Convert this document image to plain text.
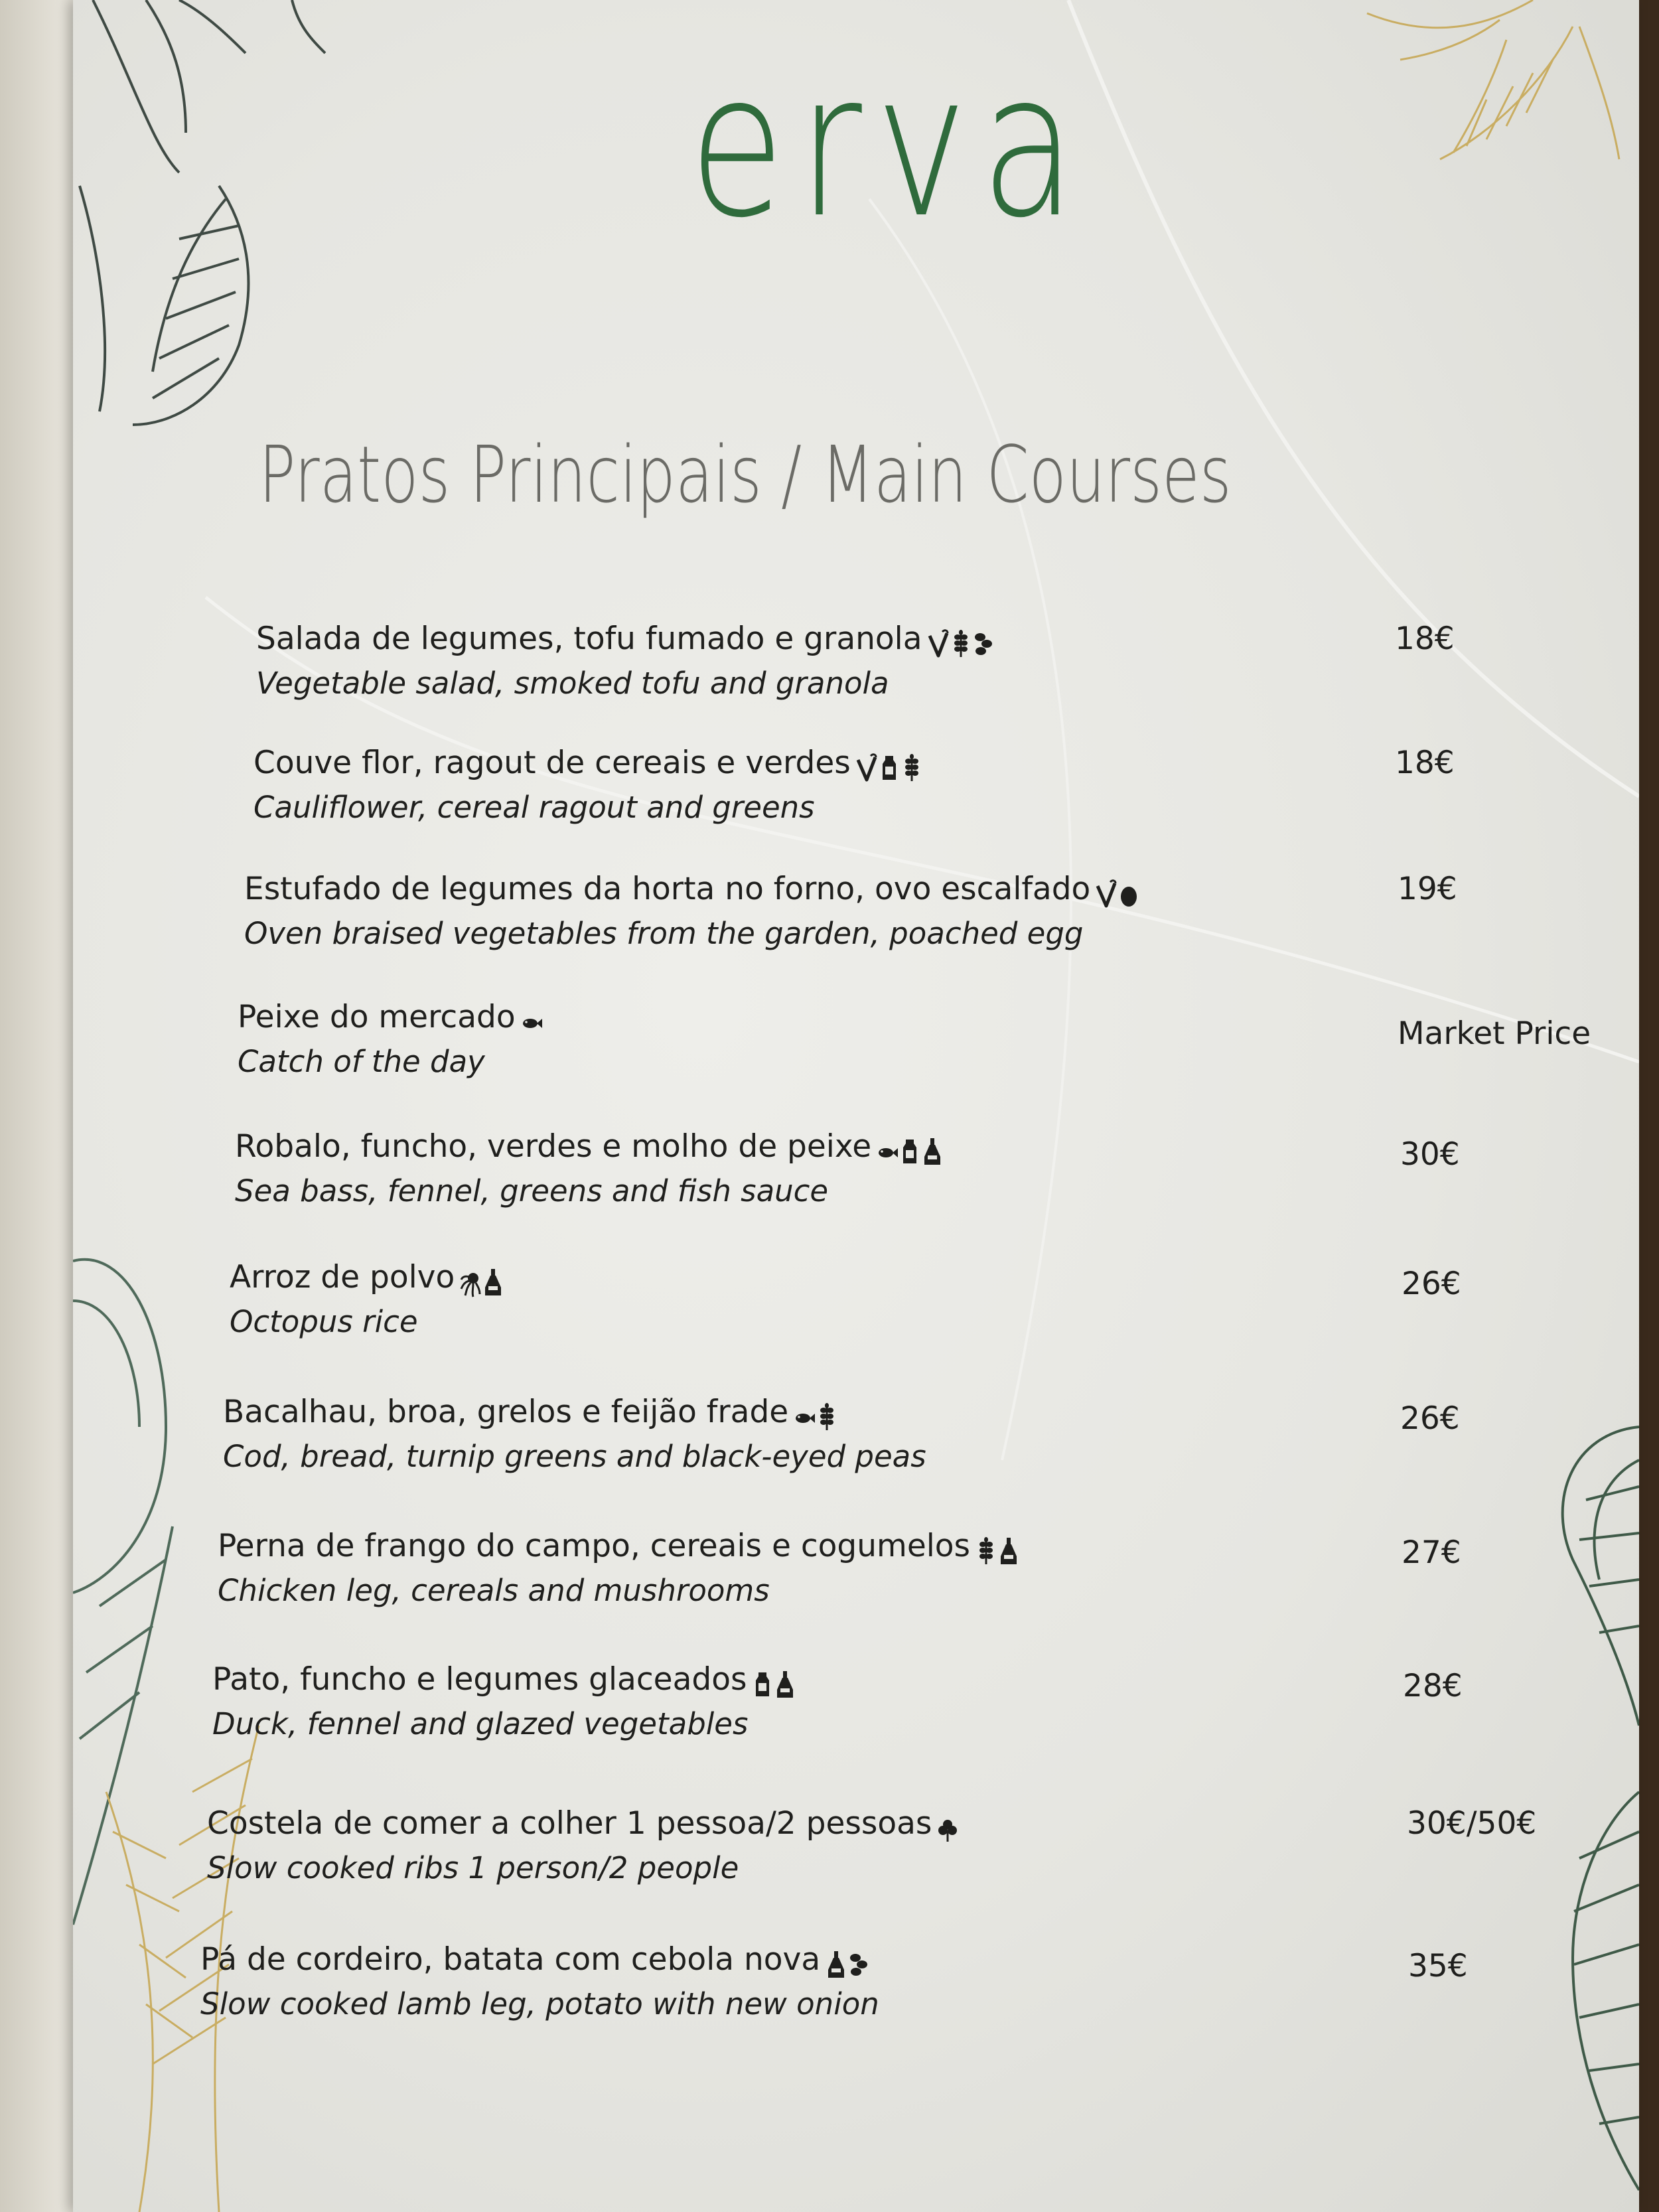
erva
Pratos Principais / Main Courses
Salada de legumes, tofu fumado e granola
Vegetable salad, smoked tofu and granola
18€
Couve flor, ragout de cereais e verdes
Cauliflower, cereal ragout and greens
18€
Estufado de legumes da horta no forno, ovo escalfado
Oven braised vegetables from the garden, poached egg
19€
Peixe do mercado
Catch of the day
Market Price
Robalo, funcho, verdes e molho de peixe
Sea bass, fennel, greens and fish sauce
30€
Arroz de polvo
Octopus rice
26€
Bacalhau, broa, grelos e feijão frade
Cod, bread, turnip greens and black-eyed peas
26€
Perna de frango do campo, cereais e cogumelos
Chicken leg, cereals and mushrooms
27€
Pato, funcho e legumes glaceados
Duck, fennel and glazed vegetables
28€
Costela de comer a colher 1 pessoa/2 pessoas
Slow cooked ribs 1 person/2 people
30€/50€
Pá de cordeiro, batata com cebola nova
Slow cooked lamb leg, potato with new onion
35€
